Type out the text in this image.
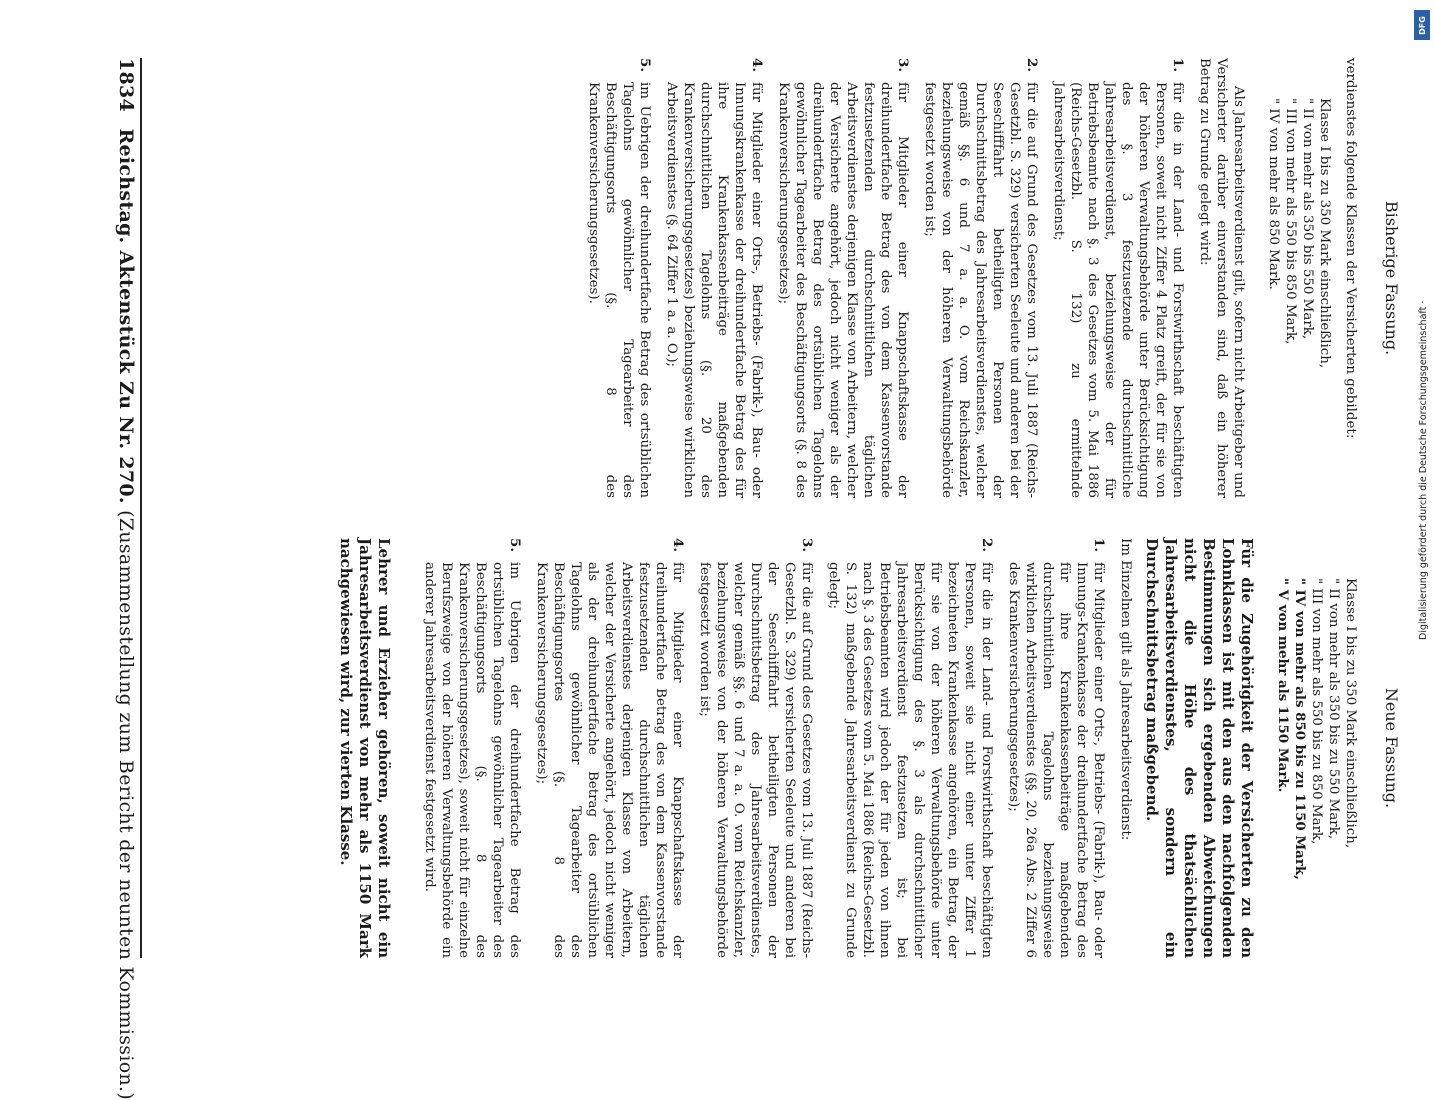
1834 Reichstag. Aktenstück Zu Nr. 270. (Zusammenstellung zum Bericht der neunten Kommission.)
Bisherige Fassung.

verdienstes folgende Klassen der Versicherten gebildet:

Klasse I bis zu 350 Mark einschließlich,
" II von mehr als 350 bis 550 Mark,
" III von mehr als 550 bis 850 Mark,
" IV von mehr als 850 Mark.

Als Jahresarbeitsverdienst gilt, sofern nicht Arbeitgeber und Versicherter darüber einverstanden sind, daß ein höherer Betrag zu Grunde gelegt wird:

1.
für die in der Land- und Forstwirthschaft beschäftigten Personen, soweit nicht Ziffer 4 Platz greift, der für sie von der höheren Verwaltungsbehörde unter Berücksichtigung des §. 3 festzusetzende durchschnittliche Jahresarbeitsverdienst, beziehungsweise der für Betriebsbeamte nach §. 3 des Gesetzes vom 5. Mai 1886 (Reichs-Gesetzbl. S. 132) zu ermittelnde Jahresarbeitsverdienst;
2.
für die auf Grund des Gesetzes vom 13. Juli 1887 (Reichs-Gesetzbl. S. 329) versicherten Seeleute und anderen bei der Seeschifffahrt betheiligten Personen der Durchschnittsbetrag des Jahresarbeitsverdienstes, welcher gemäß §§. 6 und 7 a. a. O. vom Reichskanzler, beziehungsweise von der höheren Verwaltungsbehörde festgesetzt worden ist;
3.
für Mitglieder einer Knappschaftskasse der dreihundertfache Betrag des von dem Kassenvorstande festzusetzenden durchschnittlichen täglichen Arbeitsverdienstes derjenigen Klasse von Arbeitern, welcher der Versicherte angehört, jedoch nicht weniger als der dreihundertfache Betrag des ortsüblichen Tagelohns gewöhnlicher Tagearbeiter des Beschäftigungsorts (§. 8 des Krankenversicherungsgesetzes);
4.
für Mitglieder einer Orts-, Betriebs- (Fabrik-), Bau- oder Innungskrankenkasse der dreihundertfache Betrag des für ihre Krankenkassenbeiträge maßgebenden durchschnittlichen Tagelohns (§. 20 des Krankenversicherungsgesetzes) beziehungsweise wirklichen Arbeitsverdienstes (§. 64 Ziffer 1 a. a. O.);
5.
im Uebrigen der dreihundertfache Betrag des ortsüblichen Tagelohns gewöhnlicher Tagearbeiter des Beschäftigungsorts (§. 8 des Krankenversicherungsgesetzes).
Neue Fassung.
Klasse I bis zu 350 Mark einschließlich,
" II von mehr als 350 bis zu 550 Mark,
" III von mehr als 550 bis zu 850 Mark,
" IV von mehr als 850 bis zu 1150 Mark,
" V von mehr als 1150 Mark.
Für die Zugehörigkeit der Versicherten zu den Lohnklassen ist mit den aus den nachfolgenden Bestimmungen sich ergebenden Abweichungen nicht die Höhe des thatsächlichen Jahresarbeitsverdienstes, sondern ein Durchschnittsbetrag maßgebend.

Im Einzelnen gilt als Jahresarbeitsverdienst:

1.
für Mitglieder einer Orts-, Betriebs- (Fabrik-), Bau- oder Innungs-Krankenkasse der dreihundertfache Betrag des für ihre Krankenkassenbeiträge maßgebenden durchschnittlichen Tagelohns beziehungsweise wirklichen Arbeitsverdienstes (§§. 20, 26a Abs. 2 Ziffer 6 des Krankenversicherungsgesetzes);
2.
für die in der Land- und Forstwirthschaft beschäftigten Personen, soweit sie nicht einer unter Ziffer 1 bezeichneten Krankenkasse angehören, ein Betrag, der für sie von der höheren Verwaltungsbehörde unter Berücksichtigung des §. 3 als durchschnittlicher Jahresarbeitsverdienst festzusetzen ist; bei Betriebsbeamten wird jedoch der für jeden von ihnen nach §. 3 des Gesetzes vom 5. Mai 1886 (Reichs-Gesetzbl. S. 132) maßgebende Jahresarbeitsverdienst zu Grunde gelegt;
3.
für die auf Grund des Gesetzes vom 13. Juli 1887 (Reichs-Gesetzbl. S. 329) versicherten Seeleute und anderen bei der Seeschifffahrt betheiligten Personen der Durchschnittsbetrag des Jahresarbeitsverdienstes, welcher gemäß §§. 6 und 7 a. a. O. vom Reichskanzler, beziehungsweise von der höheren Verwaltungsbehörde festgesetzt worden ist;
4.
für Mitglieder einer Knappschaftskasse der dreihundertfache Betrag des von dem Kassenvorstande festzusetzenden durchschnittlichen täglichen Arbeitsverdienstes derjenigen Klasse von Arbeitern, welcher der Versicherte angehört, jedoch nicht weniger als der dreihundertfache Betrag des ortsüblichen Tagelohns gewöhnlicher Tagearbeiter des Beschäftigungsortes (§. 8 des Krankenversicherungsgesetzes);
5.
im Uebrigen der dreihundertfache Betrag des ortsüblichen Tagelohns gewöhnlicher Tagearbeiter des Beschäftigungsorts (§. 8 des Krankenversicherungsgesetzes), soweit nicht für einzelne Berufszweige von der höheren Verwaltungsbehörde ein anderer Jahresarbeitsverdienst festgesetzt wird.
Lehrer und Erzieher gehören, soweit nicht ein Jahresarbeitsverdienst von mehr als 1150 Mark nachgewiesen wird, zur vierten Klasse.
DFG
Digitalisierung gefördert durch die Deutsche Forschungsgemeinschaft ·
